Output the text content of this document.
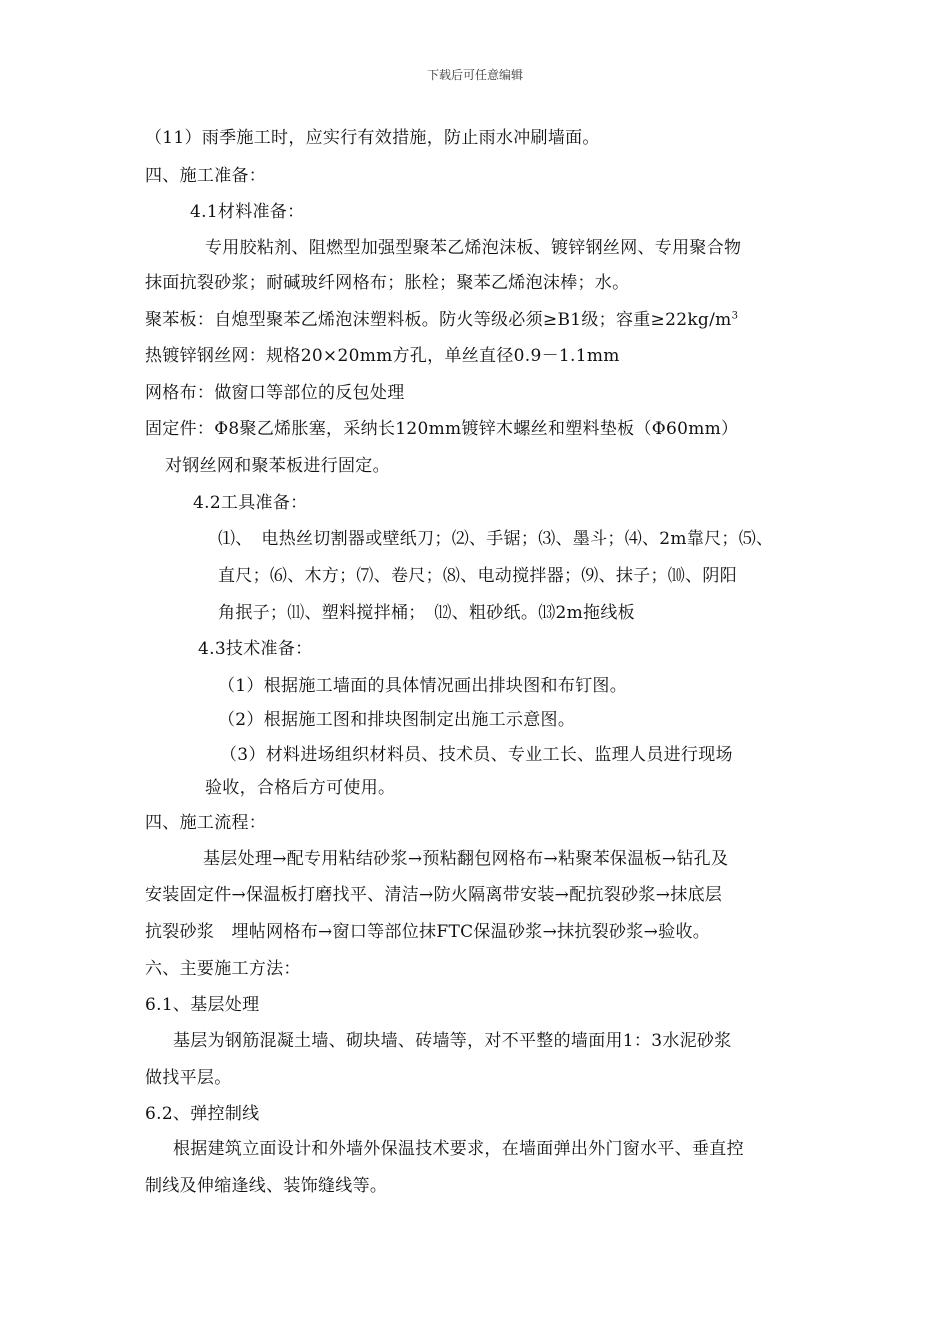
下载后可任意编辑
（11）雨季施工时，应实行有效措施，防止雨水冲刷墙面。
四、施工准备：
4.1材料准备：
专用胶粘剂、阻燃型加强型聚苯乙烯泡沫板、镀锌钢丝网、专用聚合物
抹面抗裂砂浆；耐碱玻纤网格布；胀栓；聚苯乙烯泡沫棒；水。
聚苯板：自熄型聚苯乙烯泡沫塑料板。防火等级必须≥B1级；容重$\ge 22kg/m^3$
热镀锌钢丝网：规格20×20mm方孔，单丝直径0.9－1.1mm
网格布：做窗口等部位的反包处理
固定件：Φ8聚乙烯胀塞，采纳长120mm镀锌木螺丝和塑料垫板（Φ60mm）
对钢丝网和聚苯板进行固定。
4.2工具准备：
⑴、　电热丝切割器或壁纸刀；⑵、手锯；⑶、墨斗；⑷、2m靠尺；⑸、
直尺；⑹、木方；⑺、卷尺；⑻、电动搅拌器；⑼、抹子；⑽、阴阳
角抿子；⑾、塑料搅拌桶；　⑿、粗砂纸。⒀2m拖线板
4.3技术准备：
（1）根据施工墙面的具体情况画出排块图和布钉图。
（2）根据施工图和排块图制定出施工示意图。
（3）材料进场组织材料员、技术员、专业工长、监理人员进行现场
验收，合格后方可使用。
四、施工流程：
基层处理→配专用粘结砂浆→预粘翻包网格布→粘聚苯保温板→钻孔及
安装固定件→保温板打磨找平、清洁→防火隔离带安装→配抗裂砂浆→抹底层
抗裂砂浆　埋帖网格布→窗口等部位抹FTC保温砂浆→抹抗裂砂浆→验收。
六、主要施工方法：
6.1、基层处理
基层为钢筋混凝土墙、砌块墙、砖墙等，对不平整的墙面用1：3水泥砂浆
做找平层。
6.2、弹控制线
根据建筑立面设计和外墙外保温技术要求，在墙面弹出外门窗水平、垂直控
制线及伸缩逢线、装饰缝线等。
